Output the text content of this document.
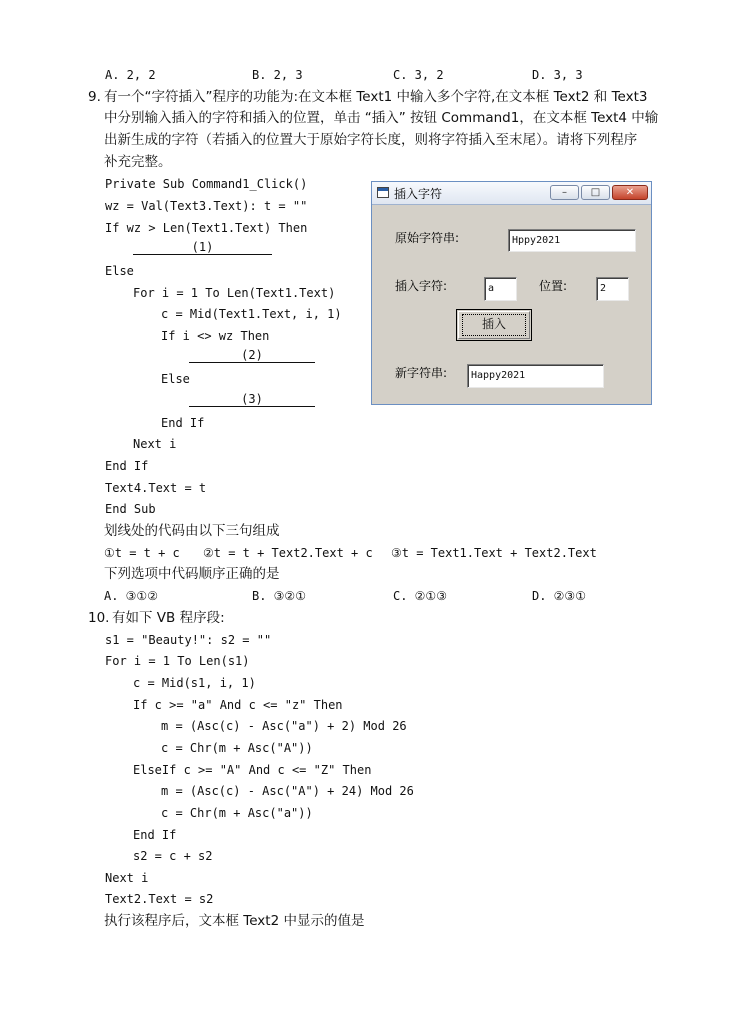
A. 2, 2	B. 2, 3	C. 3, 2	D. 3, 3
9. 有一个“字符插入”程序的功能为:在文本框 Text1 中输入多个字符,在文本框 Text2 和 Text3
中分别输入插入的字符和插入的位置，单击 “插入” 按钮 Command1，在文本框 Text4 中输
出新生成的字符（若插入的位置大于原始字符长度，则将字符插入至末尾）。请将下列程序
补充完整。
Private Sub Command1_Click()
wz = Val(Text3.Text): t = ""
If wz > Len(Text1.Text) Then
(1)
Else
For i = 1 To Len(Text1.Text)
c = Mid(Text1.Text, i, 1)
If i <> wz Then
(2)
Else
(3)
End If
Next i
End If
Text4.Text = t
End Sub
划线处的代码由以下三句组成
①t = t + c ②t = t + Text2.Text + c ③t = Text1.Text + Text2.Text
下列选项中代码顺序正确的是
A. ③①②	B. ③②①	C. ②①③	D. ②③①
插入字符	–	□	✕
原始字符串:	Hppy2021
插入字符:	a	位置:	2
插入
新字符串:	Happy2021
10. 有如下 VB 程序段:
s1 = "Beauty!": s2 = ""
For i = 1 To Len(s1)
c = Mid(s1, i, 1)
If c >= "a" And c <= "z" Then
m = (Asc(c) - Asc("a") + 2) Mod 26
c = Chr(m + Asc("A"))
ElseIf c >= "A" And c <= "Z" Then
m = (Asc(c) - Asc("A") + 24) Mod 26
c = Chr(m + Asc("a"))
End If
s2 = c + s2
Next i
Text2.Text = s2
执行该程序后，文本框 Text2 中显示的值是
